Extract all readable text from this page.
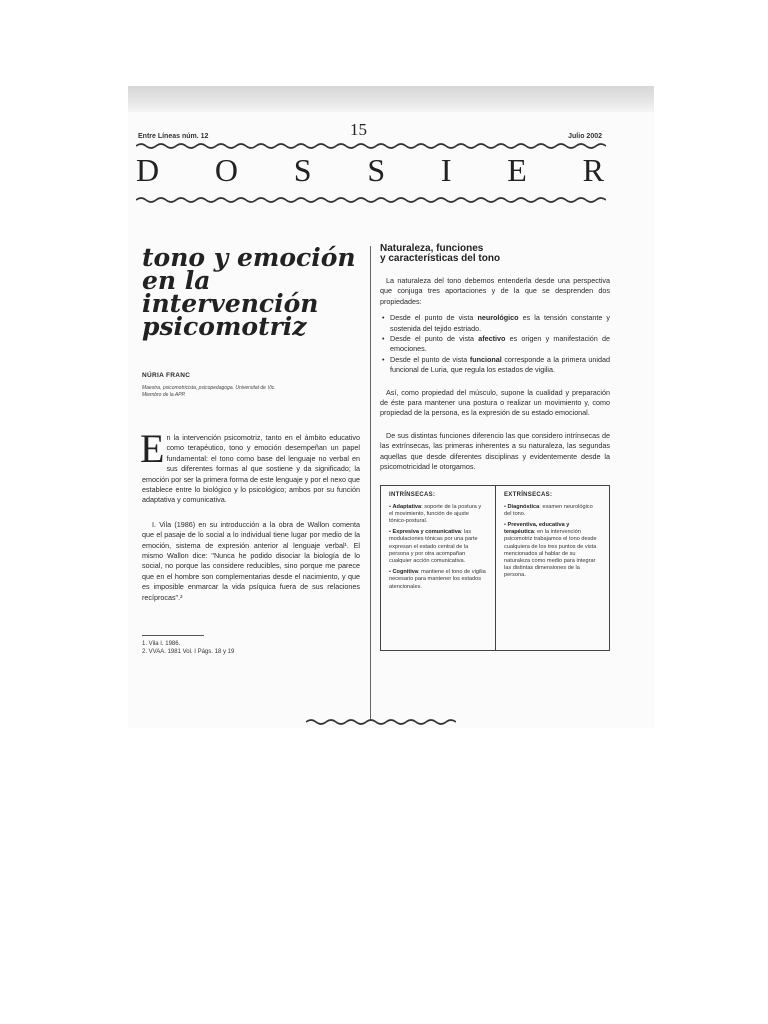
Entre Líneas núm. 12	15	Julio 2002
D O S S I E R
tono y emoción
en la intervención
psicomotriz
NÚRIA FRANC
Maestra, psicomotricista, psicopedagoga. Universitat de Vic.
Miembro de la APP.
En la intervención psicomotriz, tanto en el ámbito educativo como terapéutico, tono y emoción desempeñan un papel fundamental: el tono como base del lenguaje no verbal en sus diferentes formas al que sostiene y da significado; la emoción por ser la primera forma de este lenguaje y por el nexo que establece entre lo biológico y lo psicológico; ambos por su función adaptativa y comunicativa.
I. Vila (1986) en su introducción a la obra de Wallon comenta que el pasaje de lo social a lo individual tiene lugar por medio de la emoción, sistema de expresión anterior al lenguaje verbal¹. El mismo Wallon dice: "Nunca he podido disociar la biología de lo social, no porque las considere reducibles, sino porque me parece que en el hombre son complementarias desde el nacimiento, y que es imposible enmarcar la vida psíquica fuera de sus relaciones recíprocas".²
1. Vila I. 1986.
2. VVAA. 1981 Vol. I Págs. 18 y 19
Naturaleza, funciones
y características del tono
La naturaleza del tono debemos entenderla desde una perspectiva que conjuga tres aportaciones y de la que se desprenden dos propiedades:
• Desde el punto de vista neurológico es la tensión constante y sostenida del tejido estriado.
• Desde el punto de vista afectivo es origen y manifestación de emociones.
• Desde el punto de vista funcional corresponde a la primera unidad funcional de Luria, que regula los estados de vigilia.
Así, como propiedad del músculo, supone la cualidad y preparación de éste para mantener una postura o realizar un movimiento y, como propiedad de la persona, es la expresión de su estado emocional.
De sus distintas funciones diferencio las que considero intrínsecas de las extrínsecas, las primeras inherentes a su naturaleza, las segundas aquellas que desde diferentes disciplinas y evidentemente desde la psicomotricidad le otorgamos.
INTRÍNSECAS:
• Adaptativa: soporte de la postura y el movimiento, función de ajuste tónico-postural.
• Expresiva y comunicativa: las modulaciones tónicas por una parte expresan el estado central de la persona y por otra acompañan cualquier acción comunicativa.
• Cognitiva: mantiene el tono de vigilia necesario para mantener los estados atencionales.
EXTRÍNSECAS:
• Diagnóstica: examen neurológico del tono.
• Preventiva, educativa y terapéutica: en la intervención psicomotriz trabajamos el tono desde cualquiera de los tres puntos de vista mencionados al hablar de su naturaleza como medio para integrar las distintas dimensiones de la persona.
